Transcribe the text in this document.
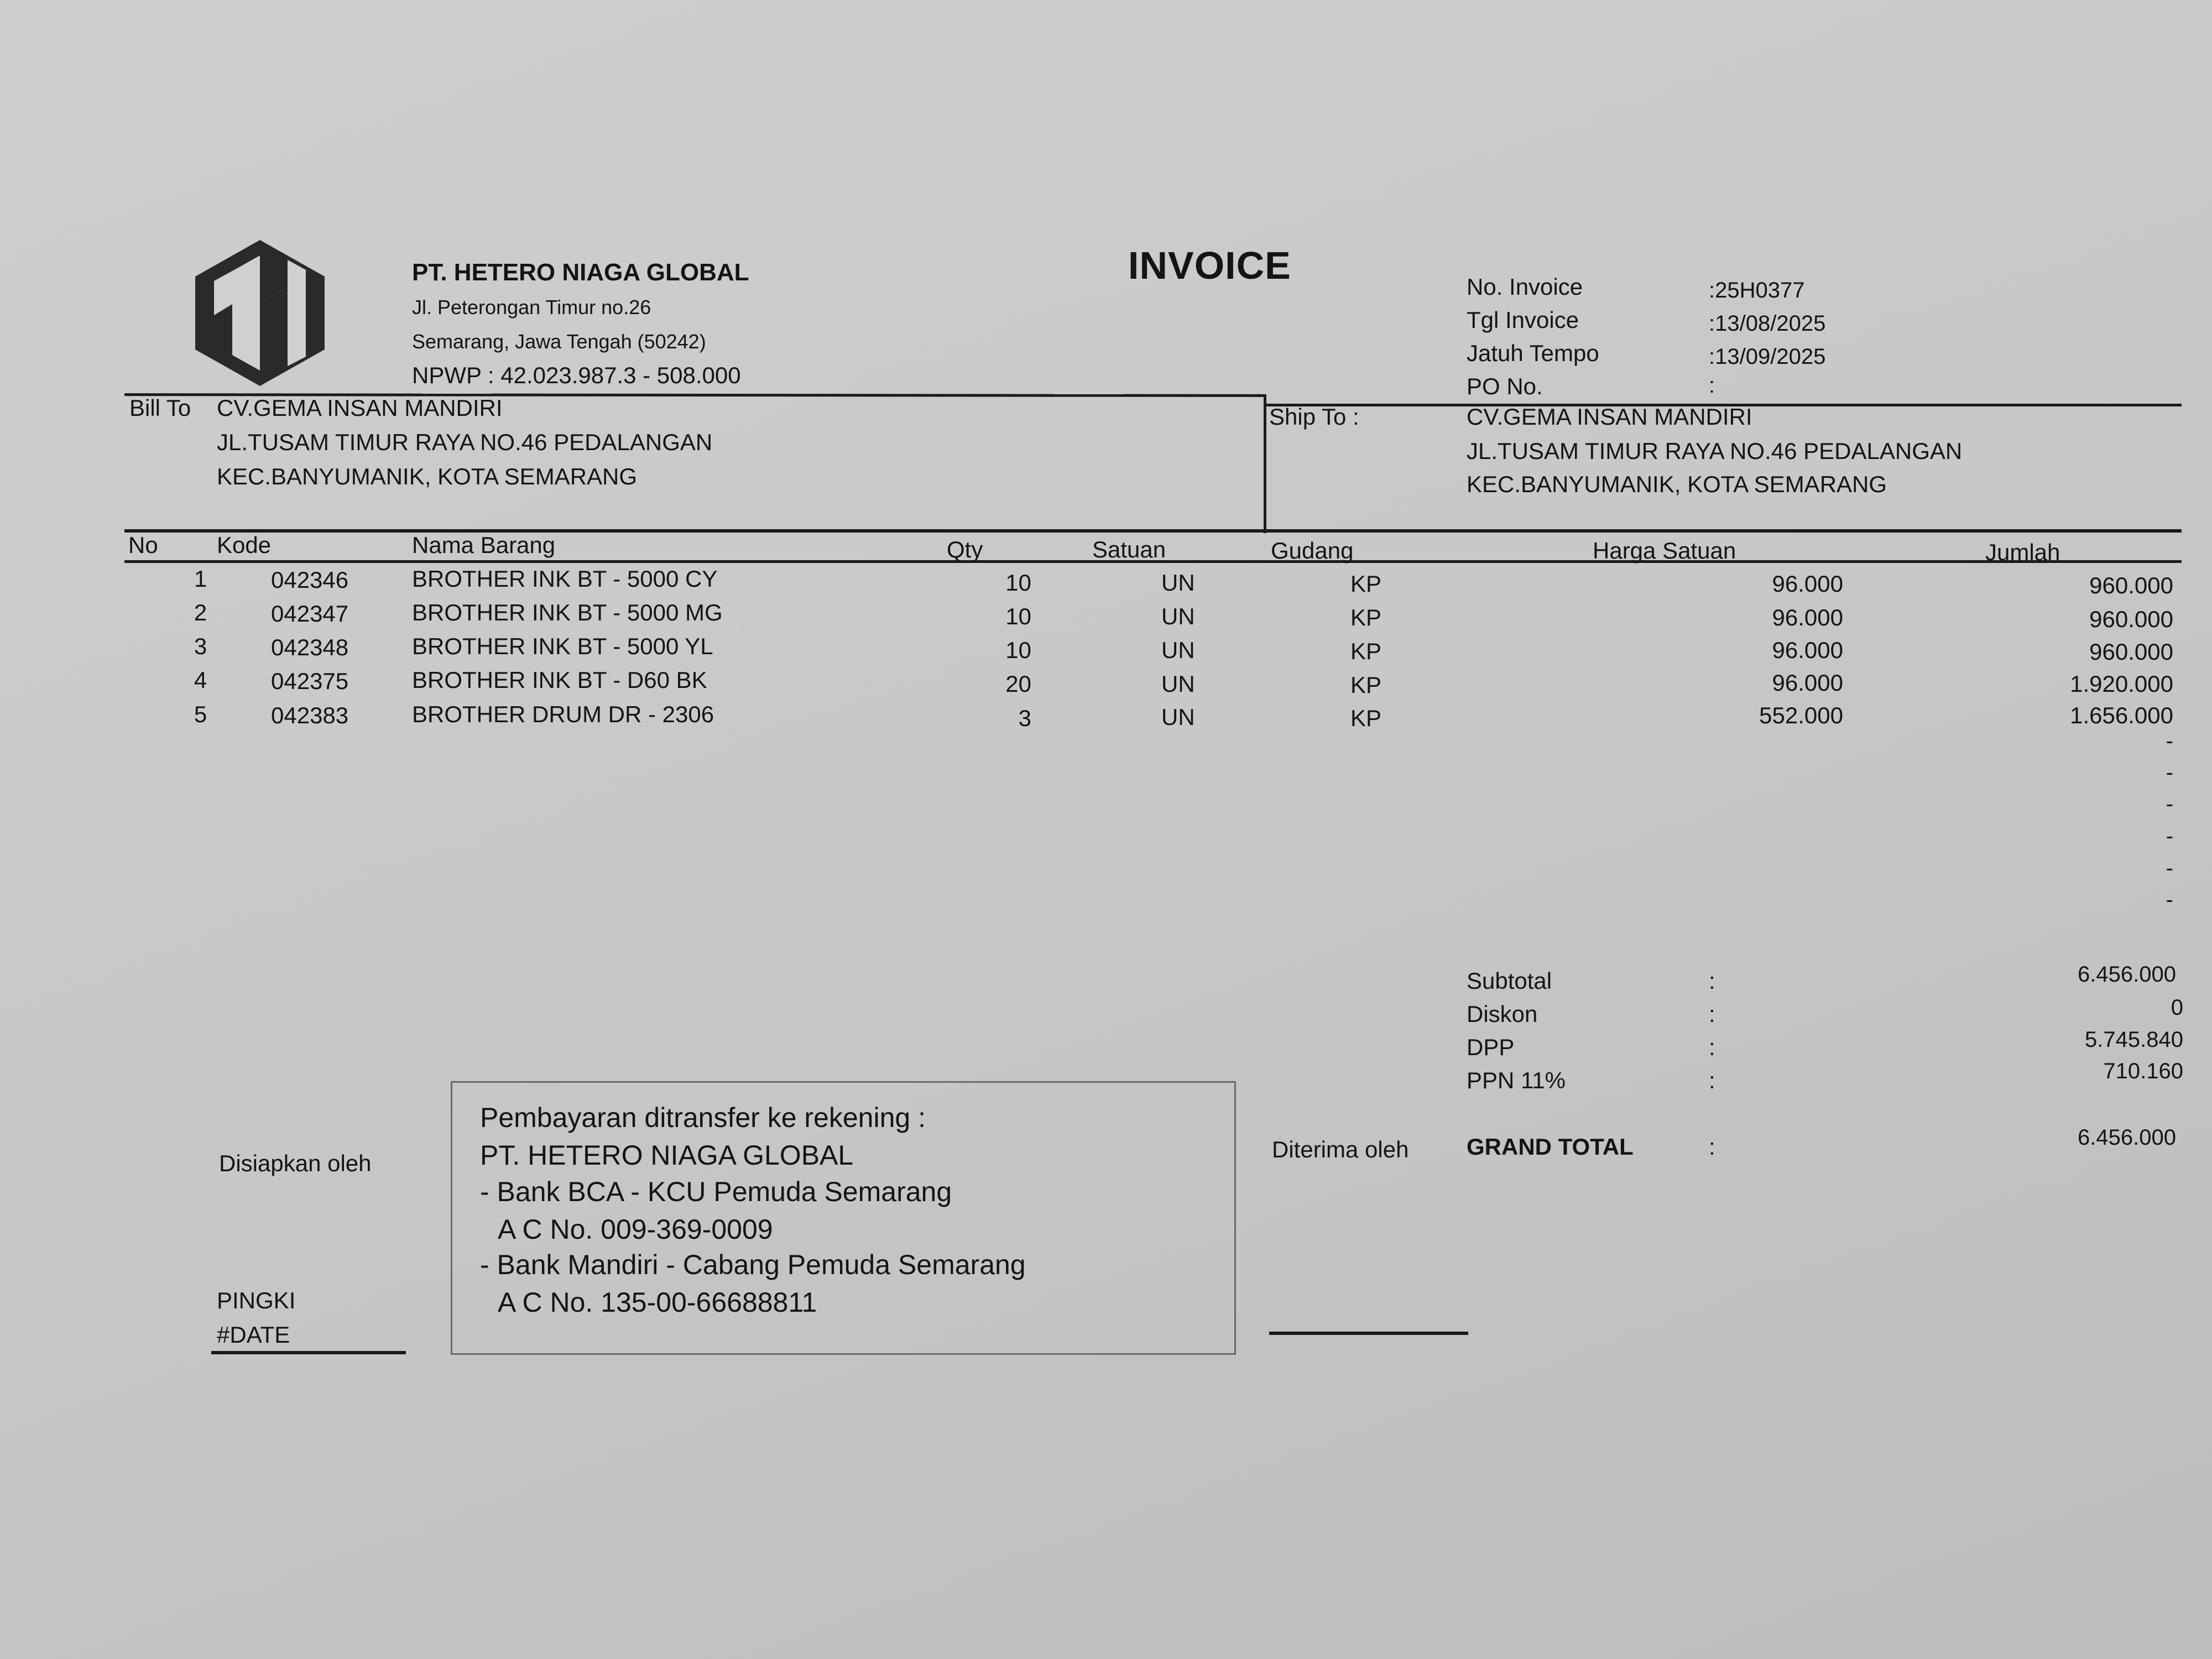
PT. HETERO NIAGA GLOBAL
Jl. Peterongan Timur no.26
Semarang, Jawa Tengah (50242)
NPWP : 42.023.987.3 - 508.000
INVOICE	No. Invoice	:25H0377
Tgl Invoice	:13/08/2025
Jatuh Tempo	:13/09/2025
PO No.	:
Bill To CV.GEMA INSAN MANDIRI
JL.TUSAM TIMUR RAYA NO.46 PEDALANGAN
KEC.BANYUMANIK, KOTA SEMARANG
Ship To :	CV.GEMA INSAN MANDIRI
JL.TUSAM TIMUR RAYA NO.46 PEDALANGAN
KEC.BANYUMANIK, KOTA SEMARANG
No	Kode	Nama Barang	Qty	Satuan	Gudang	Harga Satuan	Jumlah
1	042346	BROTHER INK BT - 5000 CY	10	UN	KP	96.000	960.000
2	042347	BROTHER INK BT - 5000 MG	10	UN	KP	96.000	960.000
3	042348	BROTHER INK BT - 5000 YL	10	UN	KP	96.000	960.000
4	042375	BROTHER INK BT - D60 BK	20	UN	KP	96.000	1.920.000
5	042383	BROTHER DRUM DR - 2306	3	UN	KP	552.000	1.656.000
-
-
-
-
-
-
Subtotal	:	6.456.000
Diskon	:	0
DPP	:	5.745.840
PPN 11%	:	710.160
GRAND TOTAL	:	6.456.000
Disiapkan oleh
PINGKI
#DATE
Diterima oleh
Pembayaran ditransfer ke rekening :
PT. HETERO NIAGA GLOBAL
- Bank BCA - KCU Pemuda Semarang
A C No. 009-369-0009
- Bank Mandiri - Cabang Pemuda Semarang
A C No. 135-00-66688811
